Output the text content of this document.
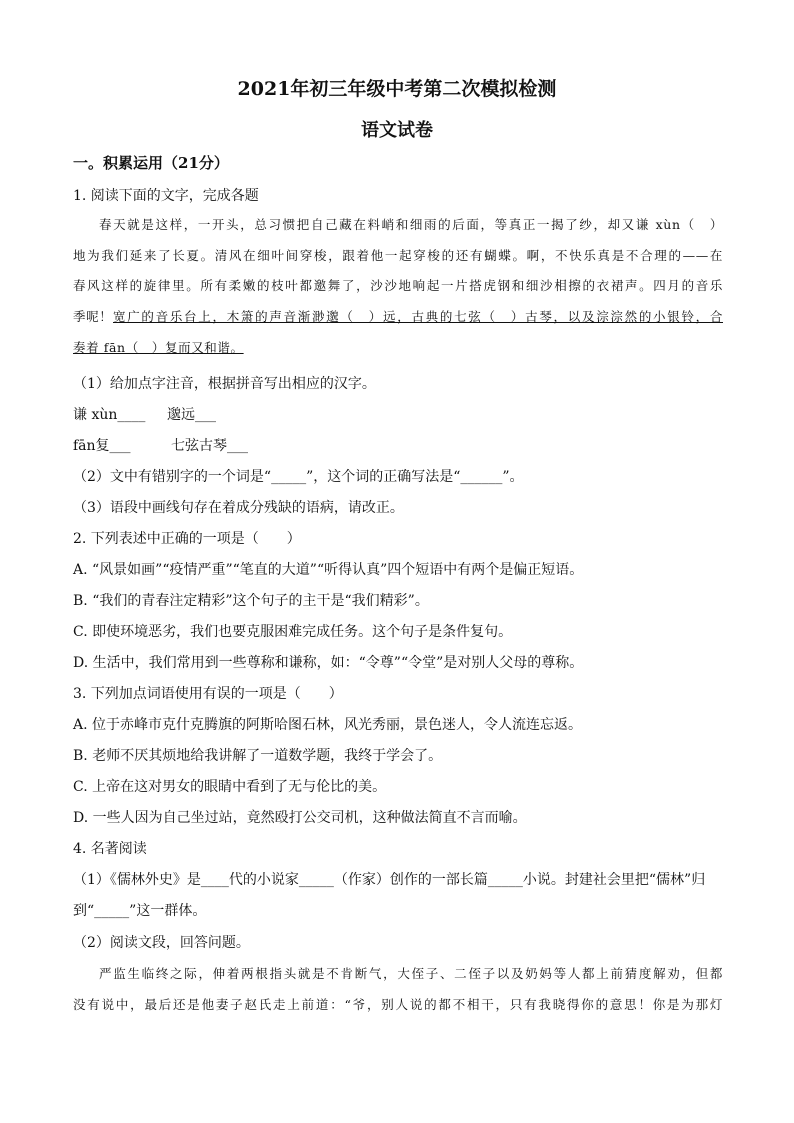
2021年初三年级中考第二次模拟检测
语文试卷
一。积累运用（21分）
1. 阅读下面的文字，完成各题
春天就是这样，一开头，总习惯把自己藏在料峭和细雨的后面，等真正一揭了纱，却又谦 xùn（　）
地为我们延来了长夏。清风在细叶间穿梭，跟着他一起穿梭的还有蝴蝶。啊，不快乐真是不合理的——在
春风这样的旋律里。所有柔嫩的枝叶都邀舞了，沙沙地响起一片搭虎钢和细沙相擦的衣裙声。四月的音乐
季呢！ 宽广的音乐台上，木箫的声音渐渺邈（　）远，古典的七弦（　）古琴，以及淙淙然的小银铃，合
奏着 fān（　）复而又和谐。
（1）给加点字注音，根据拼音写出相应的汉字。
谦 xùn____ 邈远___
fān复___	七弦古琴___
（2）文中有错别字的一个词是“_____”，这个词的正确写法是“______”。
（3）语段中画线句存在着成分残缺的语病，请改正。
2. 下列表述中正确的一项是（　　）
A. “风景如画”“疫情严重”“笔直的大道”“听得认真”四个短语中有两个是偏正短语。
B. “我们的青春注定精彩”这个句子的主干是“我们精彩”。
C. 即使环境恶劣，我们也要克服困难完成任务。这个句子是条件复句。
D. 生活中，我们常用到一些尊称和谦称，如：“令尊”“令堂”是对别人父母的尊称。
3. 下列加点词语使用有误的一项是（　　）
A. 位于赤峰市克什克腾旗的阿斯哈图石林，风光秀丽，景色迷人，令人流连忘返。
B. 老师不厌其烦地给我讲解了一道数学题，我终于学会了。
C. 上帝在这对男女的眼睛中看到了无与伦比的美。
D. 一些人因为自己坐过站，竟然殴打公交司机，这种做法简直不言而喻。
4. 名著阅读
（1）《儒林外史》是____代的小说家_____（作家）创作的一部长篇_____小说。封建社会里把“儒林”归
到“_____”这一群体。
（2）阅读文段，回答问题。
严监生临终之际，伸着两根指头就是不肯断气，大侄子、二侄子以及奶妈等人都上前猜度解劝，但都
没有说中，最后还是他妻子赵氏走上前道：“爷，别人说的都不相干，只有我晓得你的意思！你是为那灯
